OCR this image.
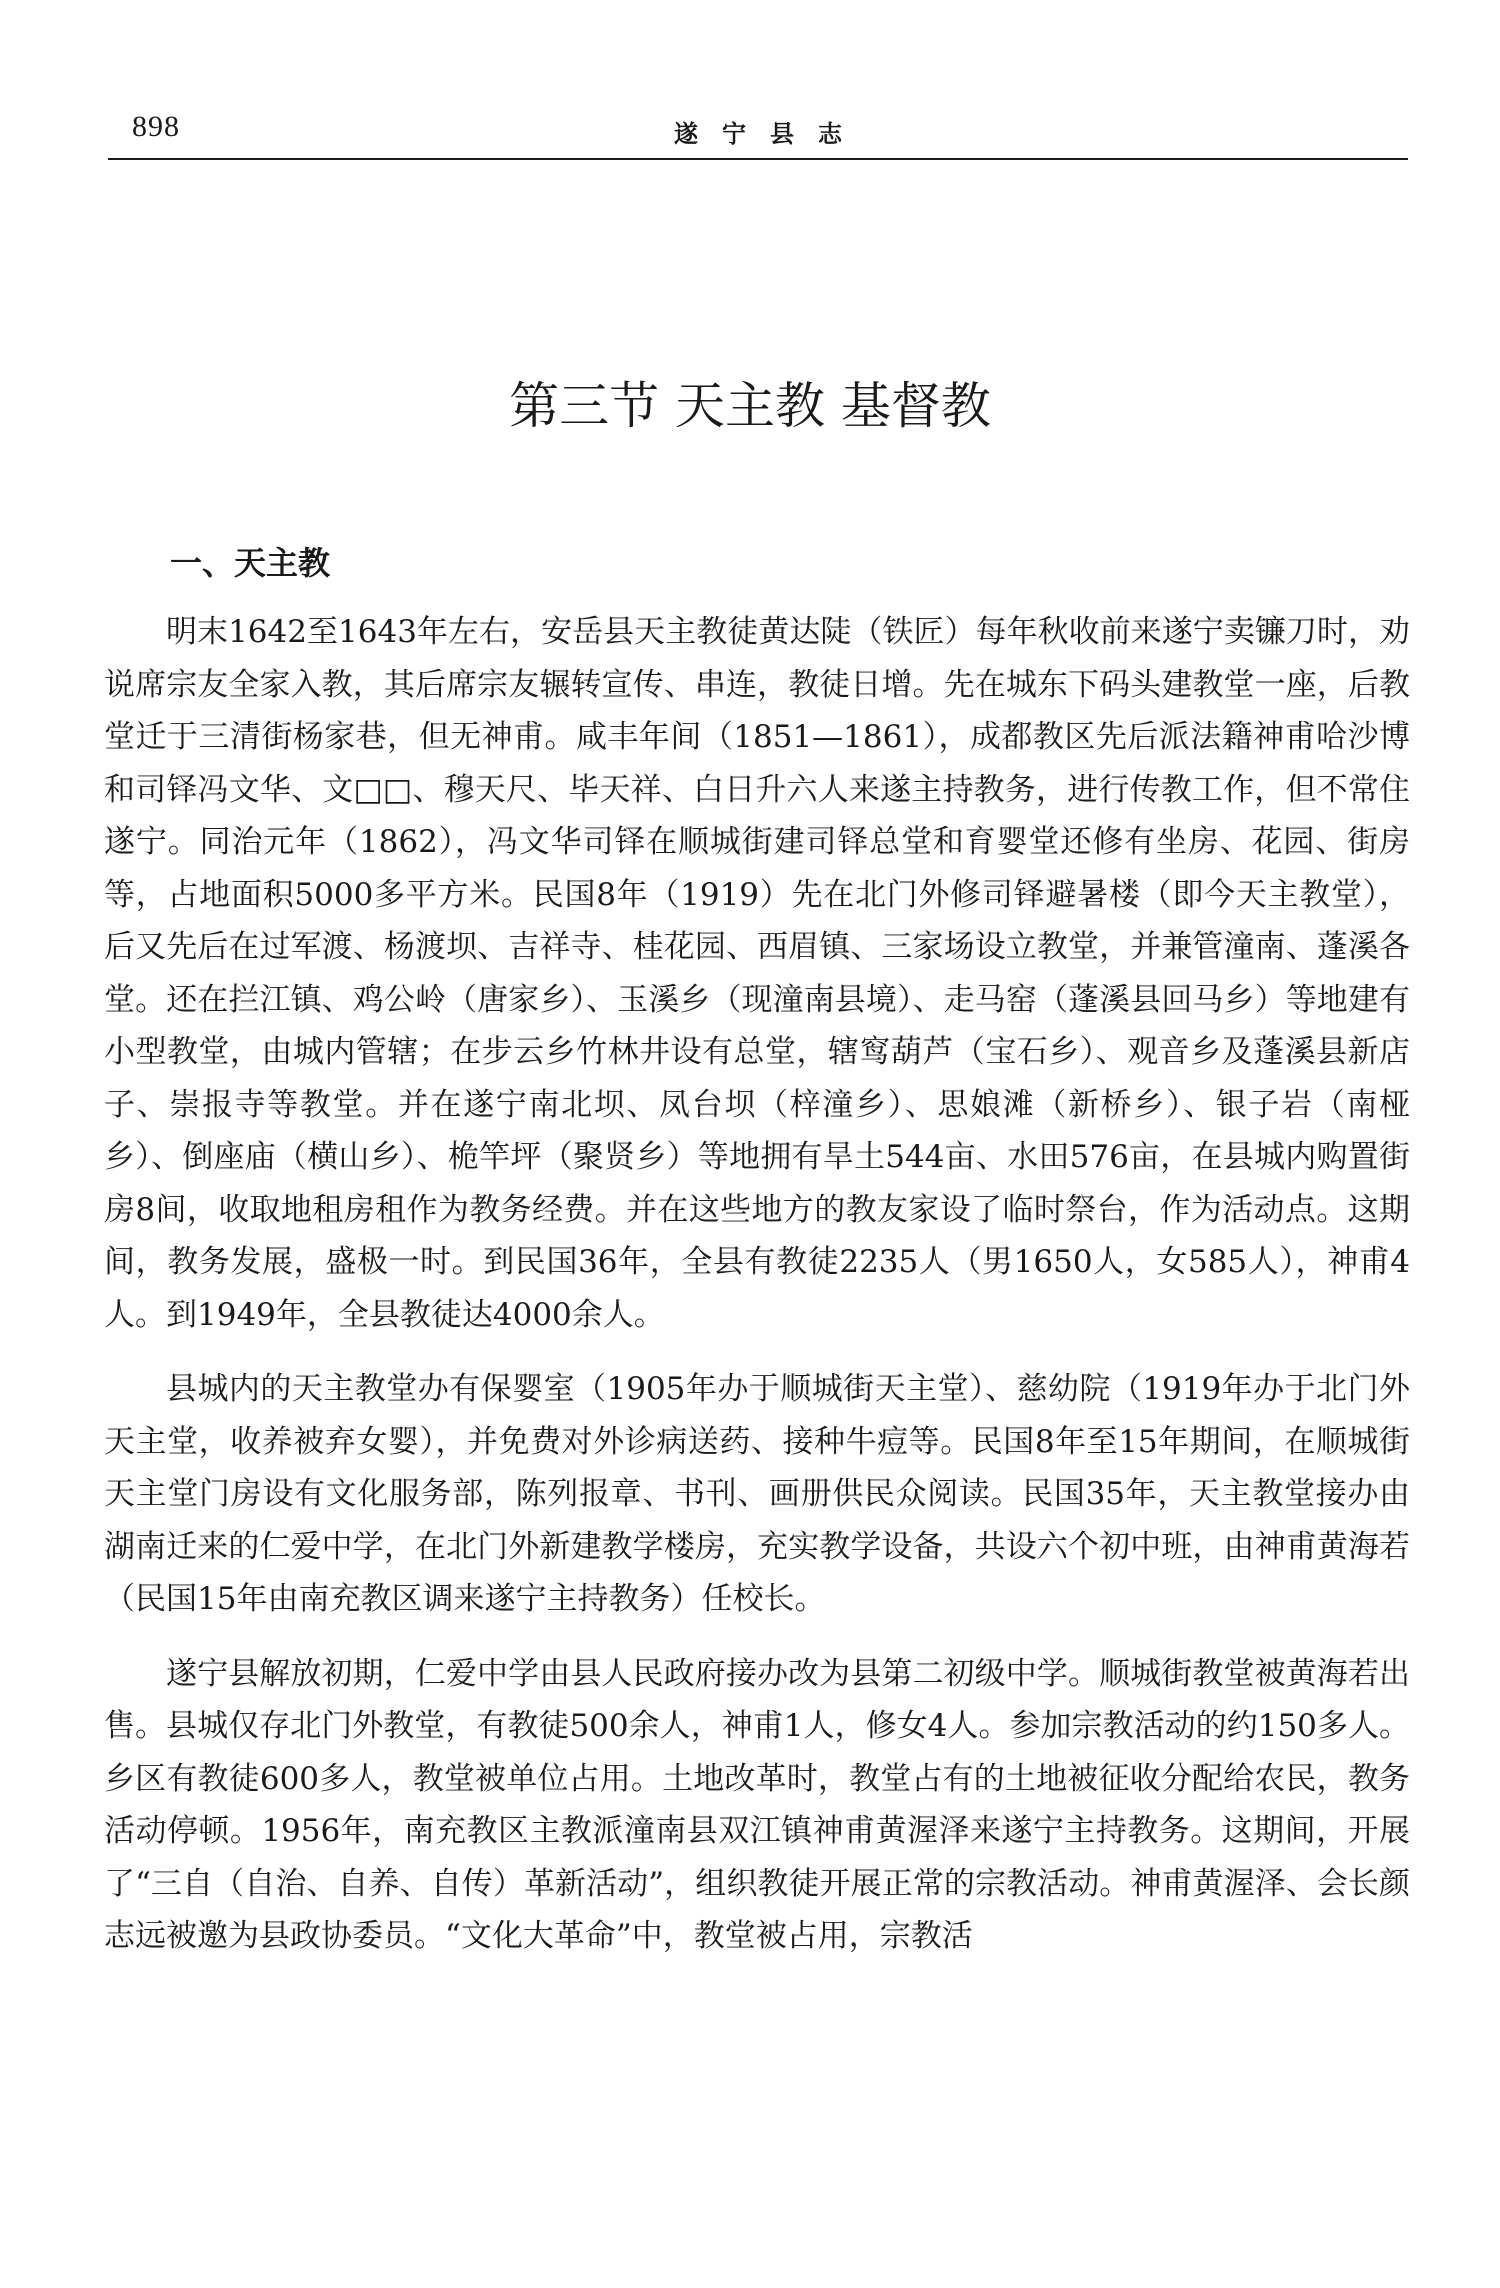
898	遂宁县志
第三节 天主教 基督教
一、天主教

明末1642至1643年左右，安岳县天主教徒黄达陡（铁匠）每年秋收前来遂宁卖镰刀时，劝说席宗友全家入教，其后席宗友辗转宣传、串连，教徒日增。先在城东下码头建教堂一座，后教堂迁于三清街杨家巷，但无神甫。咸丰年间（1851—1861），成都教区先后派法籍神甫哈沙博和司铎冯文华、文□□、穆天尺、毕天祥、白日升六人来遂主持教务，进行传教工作，但不常住遂宁。同治元年（1862），冯文华司铎在顺城街建司铎总堂和育婴堂还修有坐房、花园、街房等，占地面积5000多平方米。民国8年（1919）先在北门外修司铎避暑楼（即今天主教堂），后又先后在过军渡、杨渡坝、吉祥寺、桂花园、西眉镇、三家场设立教堂，并兼管潼南、蓬溪各堂。还在拦江镇、鸡公岭（唐家乡）、玉溪乡（现潼南县境）、走马窑（蓬溪县回马乡）等地建有小型教堂，由城内管辖；在步云乡竹林井设有总堂，辖窎葫芦（宝石乡）、观音乡及蓬溪县新店子、崇报寺等教堂。并在遂宁南北坝、凤台坝（梓潼乡）、思娘滩（新桥乡）、银子岩（南桠乡）、倒座庙（横山乡）、桅竿坪（聚贤乡）等地拥有旱土544亩、水田576亩，在县城内购置街房8间，收取地租房租作为教务经费。并在这些地方的教友家设了临时祭台，作为活动点。这期间，教务发展，盛极一时。到民国36年，全县有教徒2235人（男1650人，女585人），神甫4人。到1949年，全县教徒达4000余人。

县城内的天主教堂办有保婴室（1905年办于顺城街天主堂）、慈幼院（1919年办于北门外天主堂，收养被弃女婴），并免费对外诊病送药、接种牛痘等。民国8年至15年期间，在顺城街天主堂门房设有文化服务部，陈列报章、书刊、画册供民众阅读。民国35年，天主教堂接办由湖南迁来的仁爱中学，在北门外新建教学楼房，充实教学设备，共设六个初中班，由神甫黄海若（民国15年由南充教区调来遂宁主持教务）任校长。

遂宁县解放初期，仁爱中学由县人民政府接办改为县第二初级中学。顺城街教堂被黄海若出售。县城仅存北门外教堂，有教徒500余人，神甫1人，修女4人。参加宗教活动的约150多人。乡区有教徒600多人，教堂被单位占用。土地改革时，教堂占有的土地被征收分配给农民，教务活动停顿。1956年，南充教区主教派潼南县双江镇神甫黄渥泽来遂宁主持教务。这期间，开展了“三自（自治、自养、自传）革新活动”，组织教徒开展正常的宗教活动。神甫黄渥泽、会长颜志远被邀为县政协委员。“文化大革命”中，教堂被占用，宗教活
